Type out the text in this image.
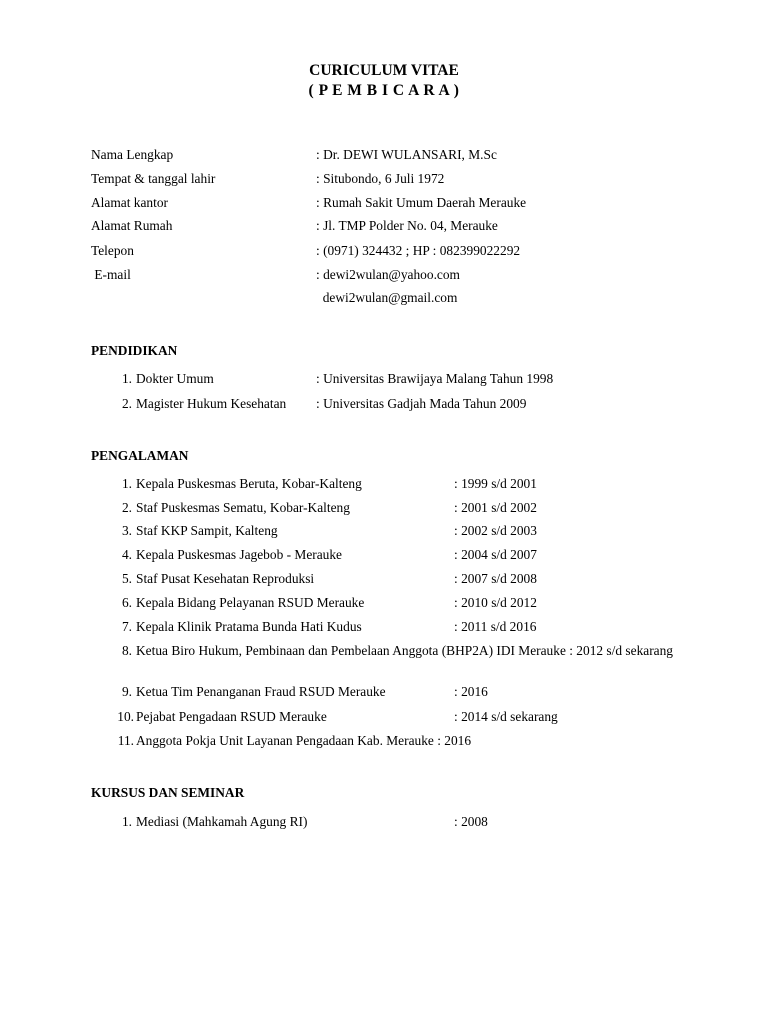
CURICULUM VITAE
( P E M B I C A R A )
Nama Lengkap	: Dr. DEWI WULANSARI, M.Sc
Tempat & tanggal lahir	: Situbondo, 6 Juli 1972
Alamat kantor	: Rumah Sakit Umum Daerah Merauke
Alamat Rumah	: Jl. TMP Polder No. 04, Merauke
Telepon	: (0971) 324432 ; HP : 082399022292
E-mail	: dewi2wulan@yahoo.com
dewi2wulan@gmail.com
PENDIDIKAN
1. Dokter Umum	: Universitas Brawijaya Malang Tahun 1998
2. Magister Hukum Kesehatan : Universitas Gadjah Mada Tahun 2009
PENGALAMAN
1. Kepala Puskesmas Beruta, Kobar-Kalteng	: 1999 s/d 2001
2. Staf Puskesmas Sematu, Kobar-Kalteng	: 2001 s/d 2002
3. Staf KKP Sampit, Kalteng	: 2002 s/d 2003
4. Kepala Puskesmas Jagebob - Merauke	: 2004 s/d 2007
5. Staf Pusat Kesehatan Reproduksi	: 2007 s/d 2008
6. Kepala Bidang Pelayanan RSUD Merauke	: 2010 s/d 2012
7. Kepala Klinik Pratama Bunda Hati Kudus	: 2011 s/d 2016
8. Ketua Biro Hukum, Pembinaan dan Pembelaan Anggota (BHP2A) IDI Merauke : 2012 s/d sekarang
9. Ketua Tim Penanganan Fraud RSUD Merauke	: 2016
10. Pejabat Pengadaan RSUD Merauke	: 2014 s/d sekarang
11. Anggota Pokja Unit Layanan Pengadaan Kab. Merauke : 2016
KURSUS DAN SEMINAR
1. Mediasi (Mahkamah Agung RI)	: 2008
